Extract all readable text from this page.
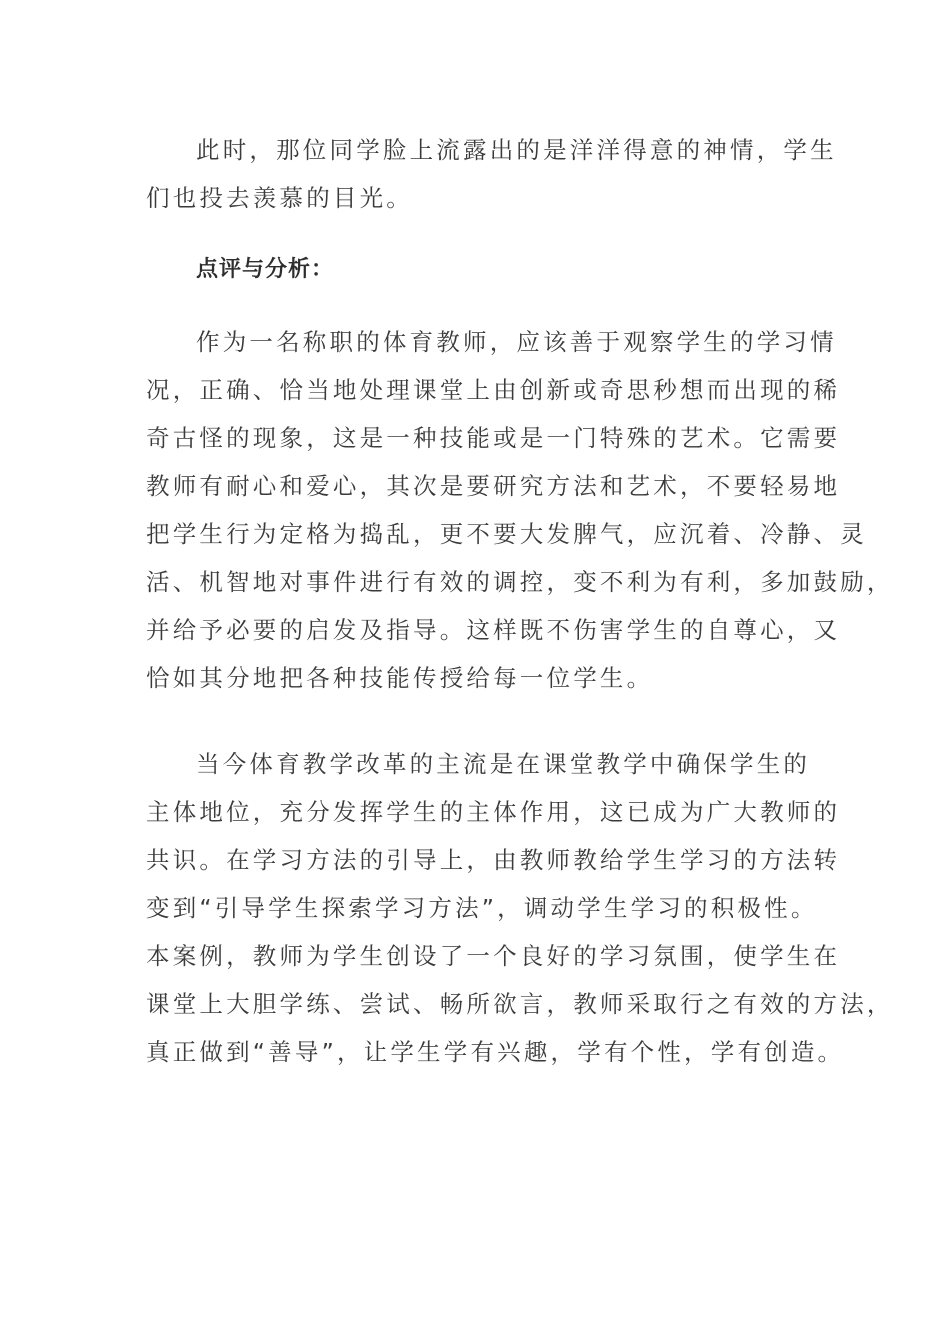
此时，那位同学脸上流露出的是洋洋得意的神情，学生
们也投去羡慕的目光。
点评与分析：
作为一名称职的体育教师，应该善于观察学生的学习情
况，正确、恰当地处理课堂上由创新或奇思秒想而出现的稀
奇古怪的现象，这是一种技能或是一门特殊的艺术。它需要
教师有耐心和爱心，其次是要研究方法和艺术，不要轻易地
把学生行为定格为捣乱，更不要大发脾气，应沉着、冷静、灵
活、机智地对事件进行有效的调控，变不利为有利，多加鼓励，
并给予必要的启发及指导。这样既不伤害学生的自尊心，又
恰如其分地把各种技能传授给每一位学生。
当今体育教学改革的主流是在课堂教学中确保学生的
主体地位，充分发挥学生的主体作用，这已成为广大教师的
共识。在学习方法的引导上，由教师教给学生学习的方法转
变到“引导学生探索学习方法”，调动学生学习的积极性。
本案例，教师为学生创设了一个良好的学习氛围，使学生在
课堂上大胆学练、尝试、畅所欲言，教师采取行之有效的方法，
真正做到“善导”，让学生学有兴趣，学有个性，学有创造。
